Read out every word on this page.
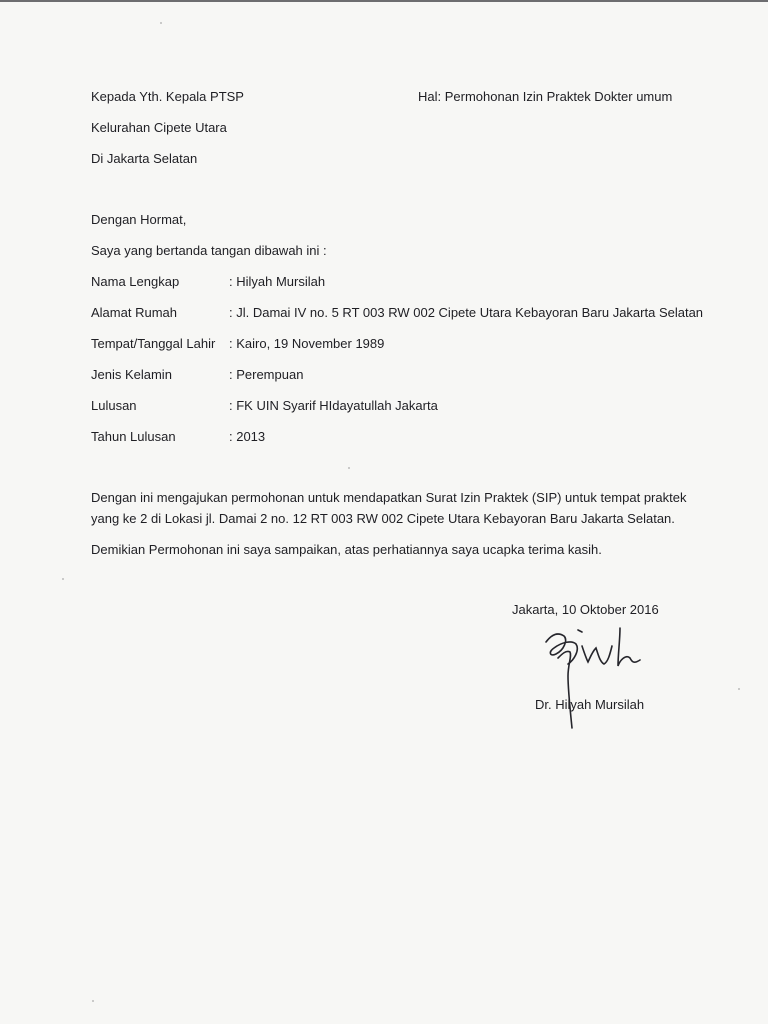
Kepada Yth. Kepala PTSP	Hal: Permohonan Izin Praktek Dokter umum
Kelurahan Cipete Utara
Di Jakarta Selatan
Dengan Hormat,
Saya yang bertanda tangan dibawah ini :
Nama Lengkap	: Hilyah Mursilah
Alamat Rumah	: Jl. Damai IV no. 5 RT 003 RW 002 Cipete Utara Kebayoran Baru Jakarta Selatan
Tempat/Tanggal Lahir : Kairo, 19 November 1989
Jenis Kelamin	: Perempuan
Lulusan	: FK UIN Syarif HIdayatullah Jakarta
Tahun Lulusan	: 2013
Dengan ini mengajukan permohonan untuk mendapatkan Surat Izin Praktek (SIP) untuk tempat praktek
yang ke 2 di Lokasi jl. Damai 2 no. 12 RT 003 RW 002 Cipete Utara Kebayoran Baru Jakarta Selatan.
Demikian Permohonan ini saya sampaikan, atas perhatiannya saya ucapka terima kasih.
Jakarta, 10 Oktober 2016
Dr. Hilyah Mursilah
